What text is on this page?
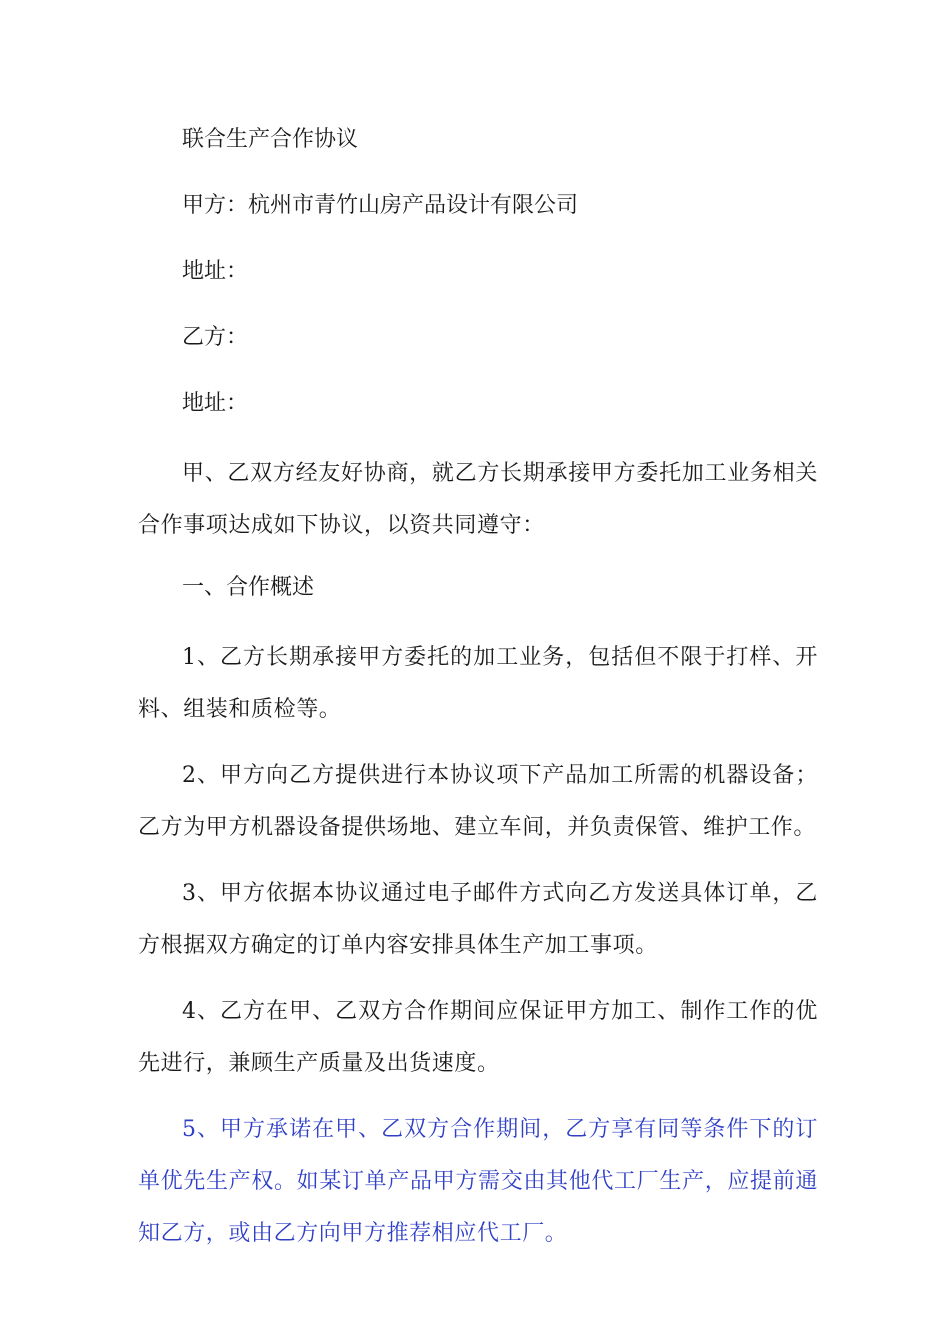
联合生产合作协议
甲方：杭州市青竹山房产品设计有限公司
地址：
乙方：
地址：

甲、乙双方经友好协商，就乙方长期承接甲方委托加工业务相关合作事项达成如下协议，以资共同遵守：

一、合作概述

1、乙方长期承接甲方委托的加工业务，包括但不限于打样、开料、组装和质检等。

2、甲方向乙方提供进行本协议项下产品加工所需的机器设备；乙方为甲方机器设备提供场地、建立车间，并负责保管、维护工作。

3、甲方依据本协议通过电子邮件方式向乙方发送具体订单，乙方根据双方确定的订单内容安排具体生产加工事项。

4、乙方在甲、乙双方合作期间应保证甲方加工、制作工作的优先进行，兼顾生产质量及出货速度。

5、甲方承诺在甲、乙双方合作期间，乙方享有同等条件下的订单优先生产权。如某订单产品甲方需交由其他代工厂生产，应提前通知乙方，或由乙方向甲方推荐相应代工厂。
